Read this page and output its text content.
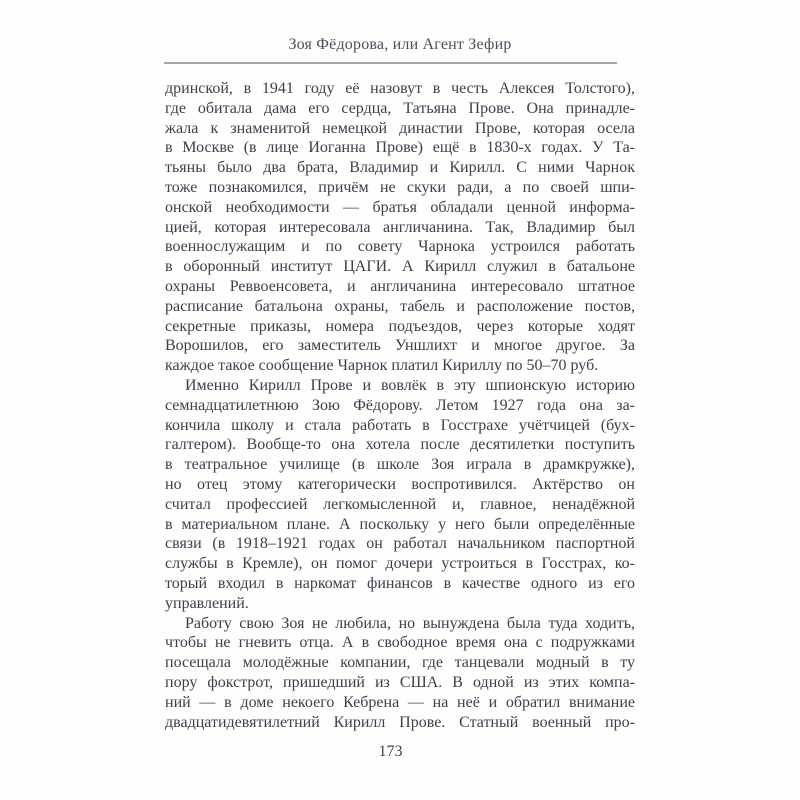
Зоя Фёдорова, или Агент Зефир
дринской, в 1941 году её назовут в честь Алексея Толстого),
где обитала дама его сердца, Татьяна Прове. Она принадле-
жала к знаменитой немецкой династии Прове, которая осела
в Москве (в лице Иоганна Прове) ещё в 1830-х годах. У Та-
тьяны было два брата, Владимир и Кирилл. С ними Чарнок
тоже познакомился, причём не скуки ради, а по своей шпи-
онской необходимости — братья обладали ценной информа-
цией, которая интересовала англичанина. Так, Владимир был
военнослужащим и по совету Чарнока устроился работать
в оборонный институт ЦАГИ. А Кирилл служил в батальоне
охраны Реввоенсовета, и англичанина интересовало штатное
расписание батальона охраны, табель и расположение постов,
секретные приказы, номера подъездов, через которые ходят
Ворошилов, его заместитель Уншлихт и многое другое. За
каждое такое сообщение Чарнок платил Кириллу по 50–70 руб.
Именно Кирилл Прове и вовлёк в эту шпионскую историю
семнадцатилетнюю Зою Фёдорову. Летом 1927 года она за-
кончила школу и стала работать в Госстрахе учётчицей (бух-
галтером). Вообще-то она хотела после десятилетки поступить
в театральное училище (в школе Зоя играла в драмкружке),
но отец этому категорически воспротивился. Актёрство он
считал профессией легкомысленной и, главное, ненадёжной
в материальном плане. А поскольку у него были определённые
связи (в 1918–1921 годах он работал начальником паспортной
службы в Кремле), он помог дочери устроиться в Госстрах, ко-
торый входил в наркомат финансов в качестве одного из его
управлений.
Работу свою Зоя не любила, но вынуждена была туда ходить,
чтобы не гневить отца. А в свободное время она с подружками
посещала молодёжные компании, где танцевали модный в ту
пору фокстрот, пришедший из США. В одной из этих компа-
ний — в доме некоего Кебрена — на неё и обратил внимание
двадцатидевятилетний Кирилл Прове. Статный военный про-
173
